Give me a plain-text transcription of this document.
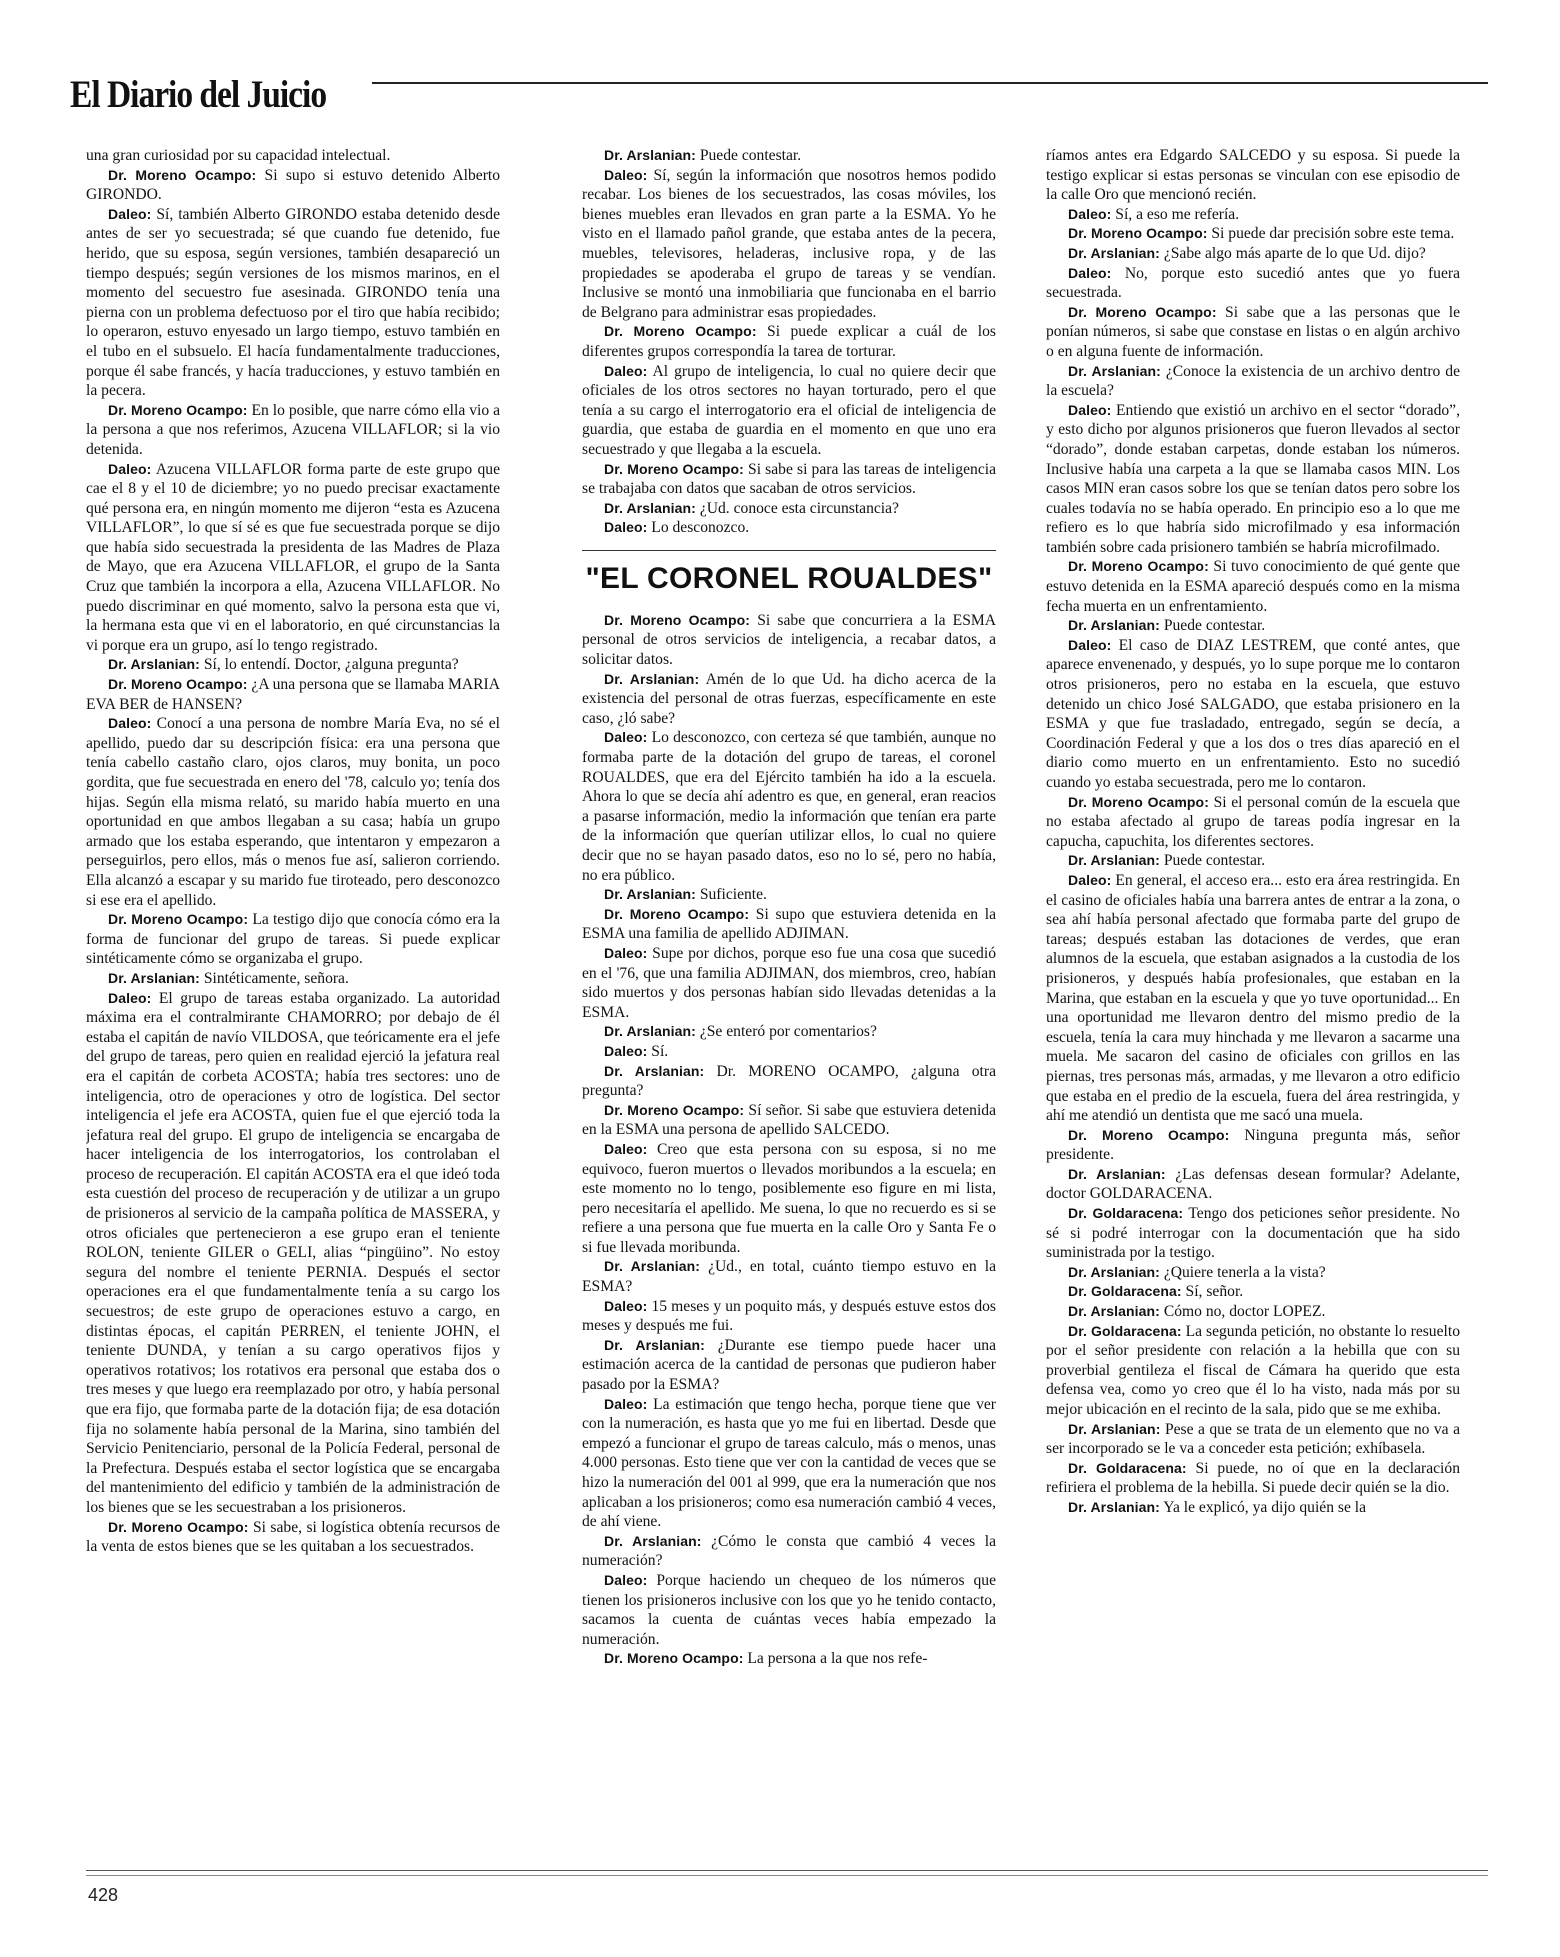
El Diario del Juicio

una gran curiosidad por su capacidad intelectual.

Dr. Moreno Ocampo: Si supo si estuvo detenido Alberto GIRONDO.

Daleo: Sí, también Alberto GIRONDO estaba detenido desde antes de ser yo secuestrada; sé que cuando fue detenido, fue herido, que su esposa, según versiones, también desapareció un tiempo después; según versiones de los mismos marinos, en el momento del secuestro fue asesinada. GIRONDO tenía una pierna con un problema defectuoso por el tiro que había recibido; lo operaron, estuvo enyesado un largo tiempo, estuvo también en el tubo en el subsuelo. El hacía fundamentalmente traducciones, porque él sabe francés, y hacía traducciones, y estuvo también en la pecera.

Dr. Moreno Ocampo: En lo posible, que narre cómo ella vio a la persona a que nos referimos, Azucena VILLAFLOR; si la vio detenida.

Daleo: Azucena VILLAFLOR forma parte de este grupo que cae el 8 y el 10 de diciembre; yo no puedo precisar exactamente qué persona era, en ningún momento me dijeron “esta es Azucena VILLAFLOR”, lo que sí sé es que fue secuestrada porque se dijo que había sido secuestrada la presidenta de las Madres de Plaza de Mayo, que era Azucena VILLAFLOR, el grupo de la Santa Cruz que también la incorpora a ella, Azucena VILLAFLOR. No puedo discriminar en qué momento, salvo la persona esta que vi, la hermana esta que vi en el laboratorio, en qué circunstancias la vi porque era un grupo, así lo tengo registrado.

Dr. Arslanian: Sí, lo entendí. Doctor, ¿alguna pregunta?

Dr. Moreno Ocampo: ¿A una persona que se llamaba MARIA EVA BER de HANSEN?

Daleo: Conocí a una persona de nombre María Eva, no sé el apellido, puedo dar su descripción física: era una persona que tenía cabello castaño claro, ojos claros, muy bonita, un poco gordita, que fue secuestrada en enero del '78, calculo yo; tenía dos hijas. Según ella misma relató, su marido había muerto en una oportunidad en que ambos llegaban a su casa; había un grupo armado que los estaba esperando, que intentaron y empezaron a perseguirlos, pero ellos, más o menos fue así, salieron corriendo. Ella alcanzó a escapar y su marido fue tiroteado, pero desconozco si ese era el apellido.

Dr. Moreno Ocampo: La testigo dijo que conocía cómo era la forma de funcionar del grupo de tareas. Si puede explicar sintéticamente cómo se organizaba el grupo.

Dr. Arslanian: Sintéticamente, señora.

Daleo: El grupo de tareas estaba organizado. La autoridad máxima era el contralmirante CHAMORRO; por debajo de él estaba el capitán de navío VILDOSA, que teóricamente era el jefe del grupo de tareas, pero quien en realidad ejerció la jefatura real era el capitán de corbeta ACOSTA; había tres sectores: uno de inteligencia, otro de operaciones y otro de logística. Del sector inteligencia el jefe era ACOSTA, quien fue el que ejerció toda la jefatura real del grupo. El grupo de inteligencia se encargaba de hacer inteligencia de los interrogatorios, los controlaban el proceso de recuperación. El capitán ACOSTA era el que ideó toda esta cuestión del proceso de recuperación y de utilizar a un grupo de prisioneros al servicio de la campaña política de MASSERA, y otros oficiales que pertenecieron a ese grupo eran el teniente ROLON, teniente GILER o GELI, alias “pingüino”. No estoy segura del nombre el teniente PERNIA. Después el sector operaciones era el que fundamentalmente tenía a su cargo los secuestros; de este grupo de operaciones estuvo a cargo, en distintas épocas, el capitán PERREN, el teniente JOHN, el teniente DUNDA, y tenían a su cargo operativos fijos y operativos rotativos; los rotativos era personal que estaba dos o tres meses y que luego era reemplazado por otro, y había personal que era fijo, que formaba parte de la dotación fija; de esa dotación fija no solamente había personal de la Marina, sino también del Servicio Penitenciario, personal de la Policía Federal, personal de la Prefectura. Después estaba el sector logística que se encargaba del mantenimiento del edificio y también de la administración de los bienes que se les secuestraban a los prisioneros.

Dr. Moreno Ocampo: Si sabe, si logística obtenía recursos de la venta de estos bienes que se les quitaban a los secuestrados.

Dr. Arslanian: Puede contestar.

Daleo: Sí, según la información que nosotros hemos podido recabar. Los bienes de los secuestrados, las cosas móviles, los bienes muebles eran llevados en gran parte a la ESMA. Yo he visto en el llamado pañol grande, que estaba antes de la pecera, muebles, televisores, heladeras, inclusive ropa, y de las propiedades se apoderaba el grupo de tareas y se vendían. Inclusive se montó una inmobiliaria que funcionaba en el barrio de Belgrano para administrar esas propiedades.

Dr. Moreno Ocampo: Si puede explicar a cuál de los diferentes grupos correspondía la tarea de torturar.

Daleo: Al grupo de inteligencia, lo cual no quiere decir que oficiales de los otros sectores no hayan torturado, pero el que tenía a su cargo el interrogatorio era el oficial de inteligencia de guardia, que estaba de guardia en el momento en que uno era secuestrado y que llegaba a la escuela.

Dr. Moreno Ocampo: Si sabe si para las tareas de inteligencia se trabajaba con datos que sacaban de otros servicios.

Dr. Arslanian: ¿Ud. conoce esta circunstancia?

Daleo: Lo desconozco.

"EL CORONEL ROUALDES"

Dr. Moreno Ocampo: Si sabe que concurriera a la ESMA personal de otros servicios de inteligencia, a recabar datos, a solicitar datos.

Dr. Arslanian: Amén de lo que Ud. ha dicho acerca de la existencia del personal de otras fuerzas, específicamente en este caso, ¿ló sabe?

Daleo: Lo desconozco, con certeza sé que también, aunque no formaba parte de la dotación del grupo de tareas, el coronel ROUALDES, que era del Ejército también ha ido a la escuela. Ahora lo que se decía ahí adentro es que, en general, eran reacios a pasarse información, medio la información que tenían era parte de la información que querían utilizar ellos, lo cual no quiere decir que no se hayan pasado datos, eso no lo sé, pero no había, no era público.

Dr. Arslanian: Suficiente.

Dr. Moreno Ocampo: Si supo que estuviera detenida en la ESMA una familia de apellido ADJIMAN.

Daleo: Supe por dichos, porque eso fue una cosa que sucedió en el '76, que una familia ADJIMAN, dos miembros, creo, habían sido muertos y dos personas habían sido llevadas detenidas a la ESMA.

Dr. Arslanian: ¿Se enteró por comentarios?

Daleo: Sí.

Dr. Arslanian: Dr. MORENO OCAMPO, ¿alguna otra pregunta?

Dr. Moreno Ocampo: Sí señor. Si sabe que estuviera detenida en la ESMA una persona de apellido SALCEDO.

Daleo: Creo que esta persona con su esposa, si no me equivoco, fueron muertos o llevados moribundos a la escuela; en este momento no lo tengo, posiblemente eso figure en mi lista, pero necesitaría el apellido. Me suena, lo que no recuerdo es si se refiere a una persona que fue muerta en la calle Oro y Santa Fe o si fue llevada moribunda.

Dr. Arslanian: ¿Ud., en total, cuánto tiempo estuvo en la ESMA?

Daleo: 15 meses y un poquito más, y después estuve estos dos meses y después me fui.

Dr. Arslanian: ¿Durante ese tiempo puede hacer una estimación acerca de la cantidad de personas que pudieron haber pasado por la ESMA?

Daleo: La estimación que tengo hecha, porque tiene que ver con la numeración, es hasta que yo me fui en libertad. Desde que empezó a funcionar el grupo de tareas calculo, más o menos, unas 4.000 personas. Esto tiene que ver con la cantidad de veces que se hizo la numeración del 001 al 999, que era la numeración que nos aplicaban a los prisioneros; como esa numeración cambió 4 veces, de ahí viene.

Dr. Arslanian: ¿Cómo le consta que cambió 4 veces la numeración?

Daleo: Porque haciendo un chequeo de los números que tienen los prisioneros inclusive con los que yo he tenido contacto, sacamos la cuenta de cuántas veces había empezado la numeración.

Dr. Moreno Ocampo: La persona a la que nos refe-

ríamos antes era Edgardo SALCEDO y su esposa. Si puede la testigo explicar si estas personas se vinculan con ese episodio de la calle Oro que mencionó recién.

Daleo: Sí, a eso me refería.

Dr. Moreno Ocampo: Si puede dar precisión sobre este tema.

Dr. Arslanian: ¿Sabe algo más aparte de lo que Ud. dijo?

Daleo: No, porque esto sucedió antes que yo fuera secuestrada.

Dr. Moreno Ocampo: Si sabe que a las personas que le ponían números, si sabe que constase en listas o en algún archivo o en alguna fuente de información.

Dr. Arslanian: ¿Conoce la existencia de un archivo dentro de la escuela?

Daleo: Entiendo que existió un archivo en el sector “dorado”, y esto dicho por algunos prisioneros que fueron llevados al sector “dorado”, donde estaban carpetas, donde estaban los números. Inclusive había una carpeta a la que se llamaba casos MIN. Los casos MIN eran casos sobre los que se tenían datos pero sobre los cuales todavía no se había operado. En principio eso a lo que me refiero es lo que habría sido microfilmado y esa información también sobre cada prisionero también se habría microfilmado.

Dr. Moreno Ocampo: Si tuvo conocimiento de qué gente que estuvo detenida en la ESMA apareció después como en la misma fecha muerta en un enfrentamiento.

Dr. Arslanian: Puede contestar.

Daleo: El caso de DIAZ LESTREM, que conté antes, que aparece envenenado, y después, yo lo supe porque me lo contaron otros prisioneros, pero no estaba en la escuela, que estuvo detenido un chico José SALGADO, que estaba prisionero en la ESMA y que fue trasladado, entregado, según se decía, a Coordinación Federal y que a los dos o tres días apareció en el diario como muerto en un enfrentamiento. Esto no sucedió cuando yo estaba secuestrada, pero me lo contaron.

Dr. Moreno Ocampo: Si el personal común de la escuela que no estaba afectado al grupo de tareas podía ingresar en la capucha, capuchita, los diferentes sectores.

Dr. Arslanian: Puede contestar.

Daleo: En general, el acceso era... esto era área restringida. En el casino de oficiales había una barrera antes de entrar a la zona, o sea ahí había personal afectado que formaba parte del grupo de tareas; después estaban las dotaciones de verdes, que eran alumnos de la escuela, que estaban asignados a la custodia de los prisioneros, y después había profesionales, que estaban en la Marina, que estaban en la escuela y que yo tuve oportunidad... En una oportunidad me llevaron dentro del mismo predio de la escuela, tenía la cara muy hinchada y me llevaron a sacarme una muela. Me sacaron del casino de oficiales con grillos en las piernas, tres personas más, armadas, y me llevaron a otro edificio que estaba en el predio de la escuela, fuera del área restringida, y ahí me atendió un dentista que me sacó una muela.

Dr. Moreno Ocampo: Ninguna pregunta más, señor presidente.

Dr. Arslanian: ¿Las defensas desean formular? Adelante, doctor GOLDARACENA.

Dr. Goldaracena: Tengo dos peticiones señor presidente. No sé si podré interrogar con la documentación que ha sido suministrada por la testigo.

Dr. Arslanian: ¿Quiere tenerla a la vista?

Dr. Goldaracena: Sí, señor.

Dr. Arslanian: Cómo no, doctor LOPEZ.

Dr. Goldaracena: La segunda petición, no obstante lo resuelto por el señor presidente con relación a la hebilla que con su proverbial gentileza el fiscal de Cámara ha querido que esta defensa vea, como yo creo que él lo ha visto, nada más por su mejor ubicación en el recinto de la sala, pido que se me exhiba.

Dr. Arslanian: Pese a que se trata de un elemento que no va a ser incorporado se le va a conceder esta petición; exhíbasela.

Dr. Goldaracena: Si puede, no oí que en la declaración refiriera el problema de la hebilla. Si puede decir quién se la dio.

Dr. Arslanian: Ya le explicó, ya dijo quién se la

428
